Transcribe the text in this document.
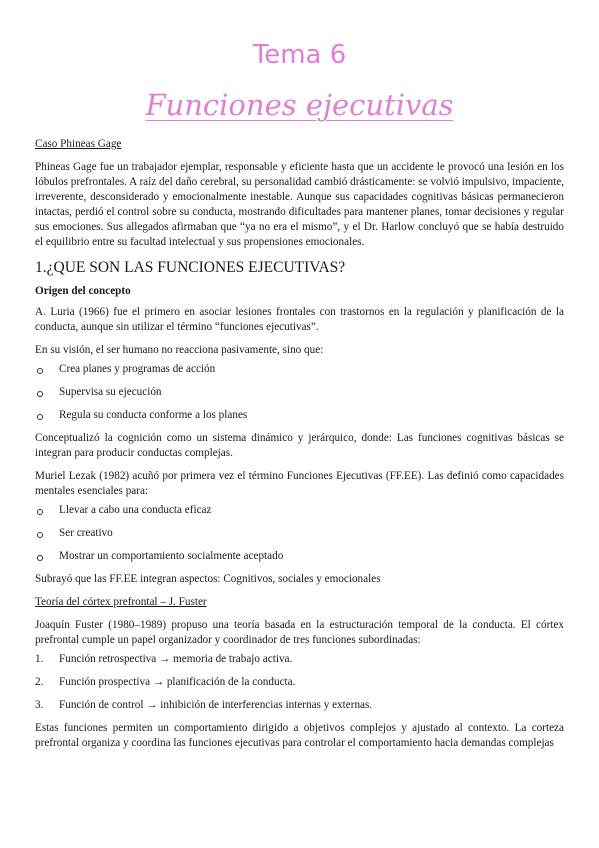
Tema 6
Funciones ejecutivas

Caso Phineas Gage

Phineas Gage fue un trabajador ejemplar, responsable y eficiente hasta que un accidente le provocó una lesión en los lóbulos prefrontales. A raíz del daño cerebral, su personalidad cambió drásticamente: se volvió impulsivo, impaciente, irreverente, desconsiderado y emocionalmente inestable. Aunque sus capacidades cognitivas básicas permanecieron intactas, perdió el control sobre su conducta, mostrando dificultades para mantener planes, tomar decisiones y regular sus emociones. Sus allegados afirmaban que “ya no era el mismo”, y el Dr. Harlow concluyó que se había destruido el equilibrio entre su facultad intelectual y sus propensiones emocionales.

1.¿QUE SON LAS FUNCIONES EJECUTIVAS?

Origen del concepto

A. Luria (1966) fue el primero en asociar lesiones frontales con trastornos en la regulación y planificación de la conducta, aunque sin utilizar el término “funciones ejecutivas”.

En su visión, el ser humano no reacciona pasivamente, sino que:

Crea planes y programas de acción
Supervisa su ejecución
Regula su conducta conforme a los planes

Conceptualizó la cognición como un sistema dinámico y jerárquico, donde: Las funciones cognitivas básicas se integran para producir conductas complejas.

Muriel Lezak (1982) acuñó por primera vez el término Funciones Ejecutivas (FF.EE). Las definió como capacidades mentales esenciales para:

Llevar a cabo una conducta eficaz
Ser creativo
Mostrar un comportamiento socialmente aceptado

Subrayó que las FF.EE integran aspectos: Cognitivos, sociales y emocionales

Teoría del córtex prefrontal – J. Fuster

Joaquín Fuster (1980–1989) propuso una teoría basada en la estructuración temporal de la conducta. El córtex prefrontal cumple un papel organizador y coordinador de tres funciones subordinadas:

1. Función retrospectiva → memoria de trabajo activa.
2. Función prospectiva → planificación de la conducta.
3. Función de control → inhibición de interferencias internas y externas.

Estas funciones permiten un comportamiento dirigido a objetivos complejos y ajustado al contexto. La corteza prefrontal organiza y coordina las funciones ejecutivas para controlar el comportamiento hacia demandas complejas
